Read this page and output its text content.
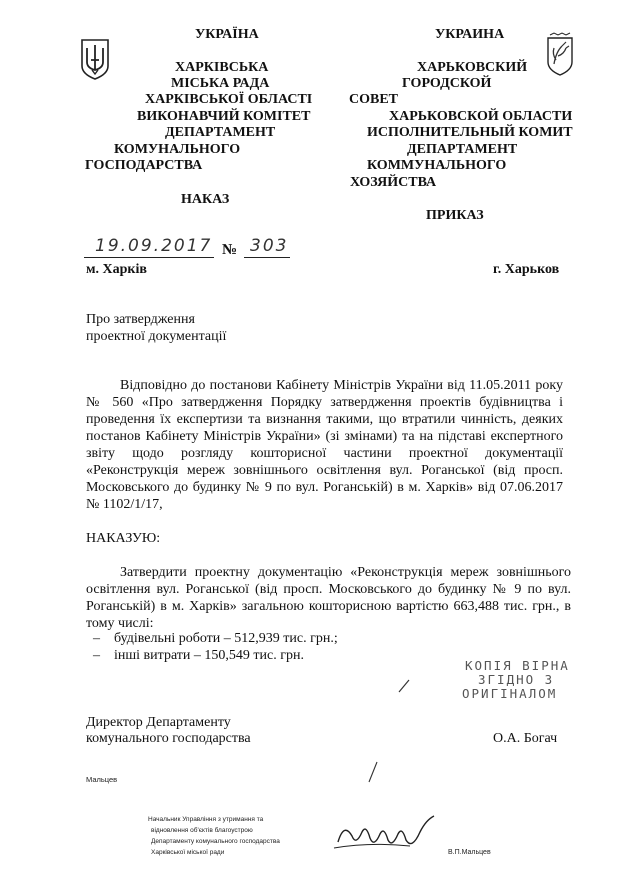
УКРАЇНА
ХАРКІВСЬКА
МІСЬКА РАДА
ХАРКІВСЬКОЇ ОБЛАСТІ
ВИКОНАВЧИЙ КОМІТЕТ
ДЕПАРТАМЕНТ
КОМУНАЛЬНОГО
ГОСПОДАРСТВА
НАКАЗ
УКРАИНА
ХАРЬКОВСКИЙ
ГОРОДСКОЙ
СОВЕТ
ХАРЬКОВСКОЙ ОБЛАСТИ
ИСПОЛНИТЕЛЬНЫЙ КОМИТ
ДЕПАРТАМЕНТ
КОММУНАЛЬНОГО
ХОЗЯЙСТВА
ПРИКАЗ
19.09.2017 № 303
м. Харків	г. Харьков
Про затвердження
проектної документації
Відповідно до постанови Кабінету Міністрів України від 11.05.2011 року № 560 «Про затвердження Порядку затвердження проектів будівництва і проведення їх експертизи та визнання такими, що втратили чинність, деяких постанов Кабінету Міністрів України» (зі змінами) та на підставі експертного звіту щодо розгляду кошторисної частини проектної документації «Реконструкція мереж зовнішнього освітлення вул. Роганської (від просп. Московського до будинку № 9 по вул. Роганській) в м. Харків» від 07.06.2017 № 1102/1/17,
НАКАЗУЮ:
Затвердити проектну документацію «Реконструкція мереж зовнішнього освітлення вул. Роганської (від просп. Московського до будинку № 9 по вул. Роганській) в м. Харків» загальною кошторисною вартістю 663,488 тис. грн., в тому числі:
– будівельні роботи – 512,939 тис. грн.;
– інші витрати – 150,549 тис. грн.
КОПІЯ ВІРНА
ЗГІДНО З
ОРИГІНАЛОМ
Директор Департаменту
комунального господарства	О.А. Богач
Мальцев
Начальник Управління з утримання та
відновлення об'єктів благоустрою
Департаменту комунального господарства
Харківської міської ради	В.П.Мальцев
